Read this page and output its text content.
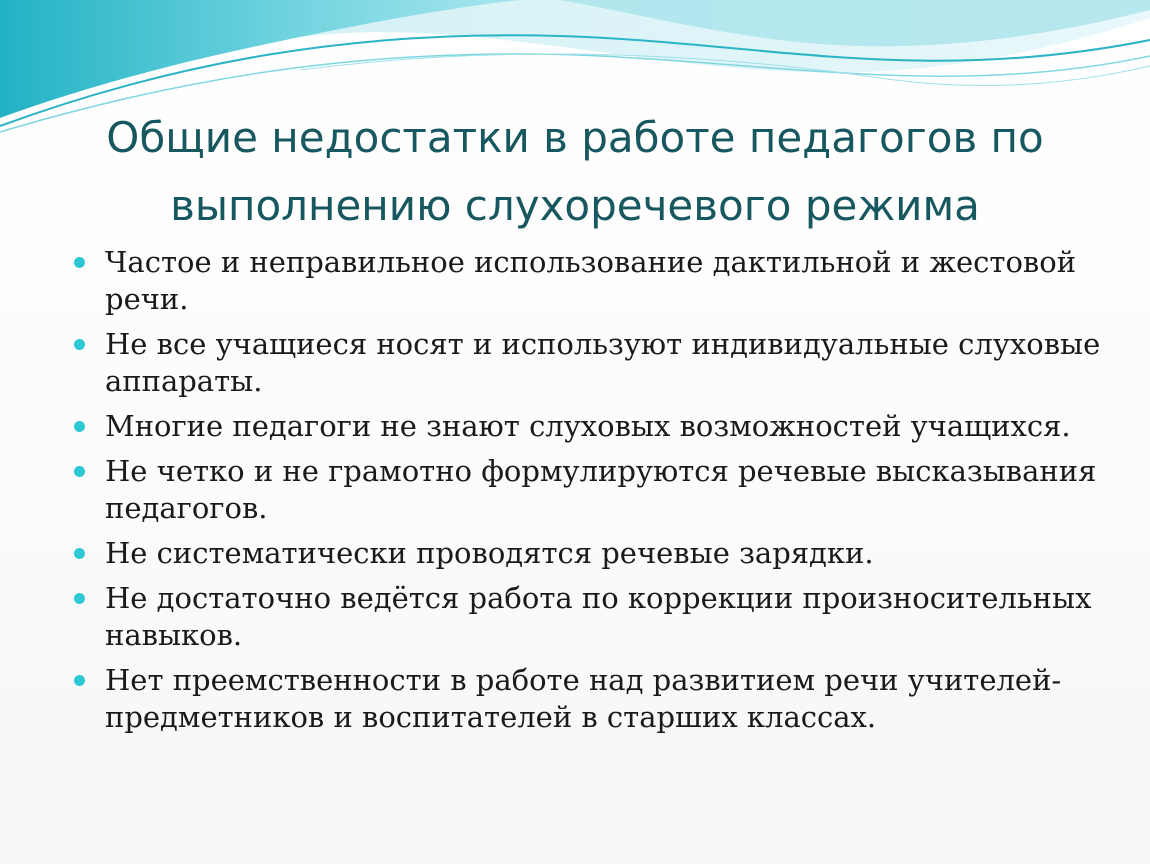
Общие недостатки в работе педагогов по выполнению слухоречевого режима
Частое и неправильное использование дактильной и жестовой речи.
Не все учащиеся носят и используют индивидуальные слуховые аппараты.
Многие педагоги не знают слуховых возможностей учащихся.
Не четко и не грамотно формулируются речевые высказывания педагогов.
Не систематически проводятся речевые зарядки.
Не достаточно ведётся работа по коррекции произносительных навыков.
Нет преемственности в работе над развитием речи учителей- предметников и воспитателей в старших классах.
